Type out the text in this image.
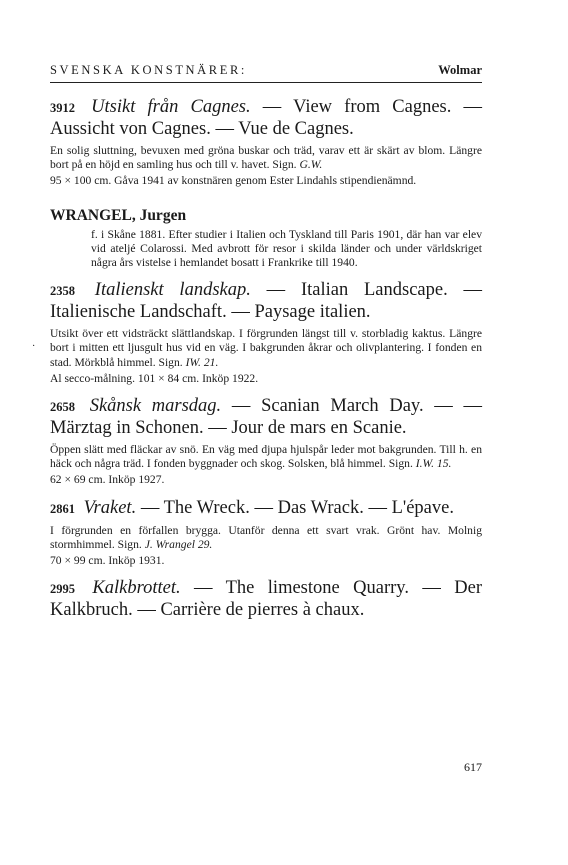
SVENSKA KONSTNÄRER:	Wolmar
3912 Utsikt från Cagnes. — View from Cagnes. — Aussicht von Cagnes. — Vue de Cagnes.
En solig sluttning, bevuxen med gröna buskar och träd, varav ett är skärt av blom. Längre bort på en höjd en samling hus och till v. havet. Sign. G.W.
95 × 100 cm. Gåva 1941 av konstnären genom Ester Lindahls stipendienämnd.
WRANGEL, Jurgen
f. i Skåne 1881. Efter studier i Italien och Tyskland till Paris 1901, där han var elev vid ateljé Colarossi. Med avbrott för resor i skilda länder och under världskriget några års vistelse i hemlandet bosatt i Frankrike till 1940.
·
2358 Italienskt landskap. — Italian Landscape. — Italienische Landschaft. — Paysage italien.
Utsikt över ett vidsträckt slättlandskap. I förgrunden längst till v. storbladig kaktus. Längre bort i mitten ett ljusgult hus vid en väg. I bakgrunden åkrar och olivplantering. I fonden en stad. Mörkblå himmel. Sign. IW. 21.
Al secco-målning. 101 × 84 cm. Inköp 1922.
2658 Skånsk marsdag. — Scanian March Day. — — Märztag in Schonen. — Jour de mars en Scanie.
Öppen slätt med fläckar av snö. En väg med djupa hjulspår leder mot bakgrunden. Till h. en häck och några träd. I fonden byggnader och skog. Solsken, blå himmel. Sign. I.W. 15.
62 × 69 cm. Inköp 1927.
2861 Vraket. — The Wreck. — Das Wrack. — L'épave.
I förgrunden en förfallen brygga. Utanför denna ett svart vrak. Grönt hav. Molnig stormhimmel. Sign. J. Wrangel 29.
70 × 99 cm. Inköp 1931.
2995 Kalkbrottet. — The limestone Quarry. — Der Kalkbruch. — Carrière de pierres à chaux.
617
